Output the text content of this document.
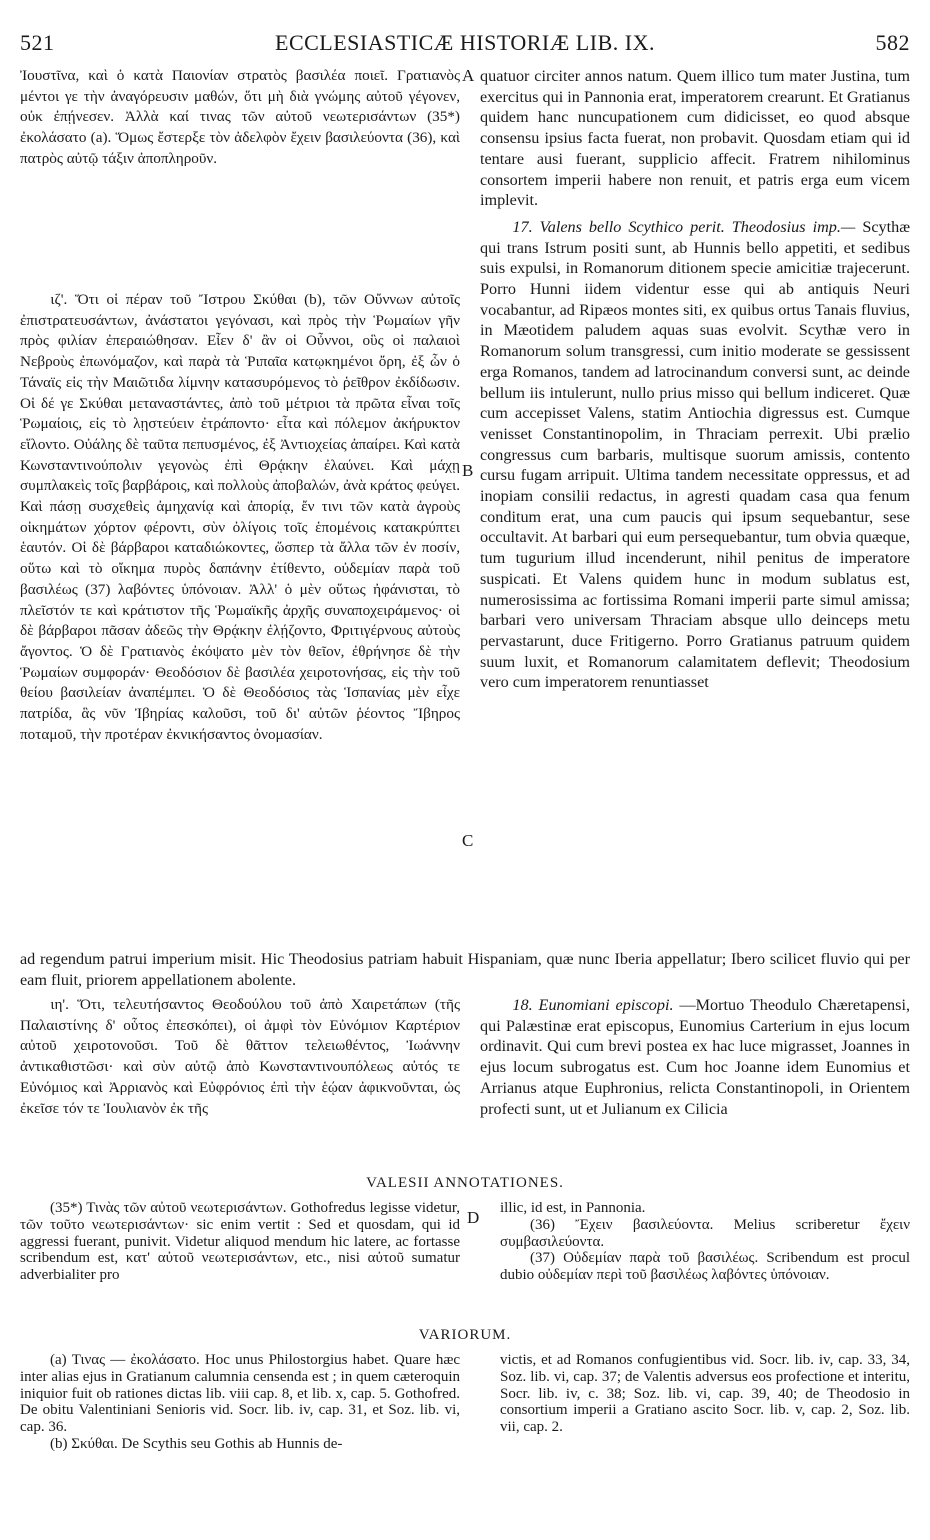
521	ECCLESIASTICÆ HISTORIÆ LIB. IX.	582
A
B
C
D

Ἰουστῖνα, καὶ ὁ κατὰ Παιονίαν στρατὸς βασιλέα ποιεῖ. Γρατιανὸς μέντοι γε τὴν ἀναγόρευσιν μαθών, ὅτι μὴ διὰ γνώμης αὐτοῦ γέγονεν, οὐκ ἐπῄνεσεν. Ἀλλὰ καί τινας τῶν αὐτοῦ νεωτερισάντων (35*) ἐκολάσατο (a). Ὅμως ἔστερξε τὸν ἀδελφὸν ἔχειν βασιλεύοντα (36), καὶ πατρὸς αὐτῷ τάξιν ἀποπληροῦν.

ιζ'. Ὅτι οἱ πέραν τοῦ Ἴστρου Σκύθαι (b), τῶν Οὔννων αὐτοῖς ἐπιστρατευσάντων, ἀνάστατοι γεγόνασι, καὶ πρὸς τὴν Ῥωμαίων γῆν πρὸς φιλίαν ἐπεραιώθησαν. Εἶεν δ' ἂν οἱ Οὖννοι, οὓς οἱ παλαιοὶ Νεβροὺς ἐπωνόμαζον, καὶ παρὰ τὰ Ῥιπαῖα κατῳκημένοι ὄρη, ἐξ ὧν ὁ Τάναϊς εἰς τὴν Μαιῶτιδα λίμνην κατασυρόμενος τὸ ῥεῖθρον ἐκδίδωσιν. Οἱ δέ γε Σκύθαι μεταναστάντες, ἀπὸ τοῦ μέτριοι τὰ πρῶτα εἶναι τοῖς Ῥωμαίοις, εἰς τὸ λῃστεύειν ἐτράποντο· εἶτα καὶ πόλεμον ἀκήρυκτον εἵλοντο. Οὐάλης δὲ ταῦτα πεπυσμένος, ἐξ Ἀντιοχείας ἀπαίρει. Καὶ κατὰ Κωνσταντινούπολιν γεγονὼς ἐπὶ Θρᾴκην ἐλαύνει. Καὶ μάχῃ συμπλακεὶς τοῖς βαρβάροις, καὶ πολλοὺς ἀποβαλών, ἀνὰ κράτος φεύγει. Καὶ πάσῃ συσχεθεὶς ἀμηχανίᾳ καὶ ἀπορίᾳ, ἔν τινι τῶν κατὰ ἀγροὺς οἰκημάτων χόρτον φέροντι, σὺν ὀλίγοις τοῖς ἑπομένοις κατακρύπτει ἑαυτόν. Οἱ δὲ βάρβαροι καταδιώκοντες, ὥσπερ τὰ ἄλλα τῶν ἐν ποσίν, οὕτω καὶ τὸ οἴκημα πυρὸς δαπάνην ἐτίθεντο, οὐδεμίαν παρὰ τοῦ βασιλέως (37) λαβόντες ὑπόνοιαν. Ἀλλ' ὁ μὲν οὕτως ἠφάνισται, τὸ πλεῖστόν τε καὶ κράτιστον τῆς Ῥωμαϊκῆς ἀρχῆς συναποχειράμενος· οἱ δὲ βάρβαροι πᾶσαν ἀδεῶς τὴν Θρᾴκην ἐλῄζοντο, Φριτιγέρνους αὐτοὺς ἄγοντος. Ὁ δὲ Γρατιανὸς ἐκόψατο μὲν τὸν θεῖον, ἐθρήνησε δὲ τὴν Ῥωμαίων συμφοράν· Θεοδόσιον δὲ βασιλέα χειροτονήσας, εἰς τὴν τοῦ θείου βασιλείαν ἀναπέμπει. Ὁ δὲ Θεοδόσιος τὰς Ἱσπανίας μὲν εἶχε πατρίδα, ἃς νῦν Ἰβηρίας καλοῦσι, τοῦ δι' αὐτῶν ῥέοντος Ἴβηρος ποταμοῦ, τὴν προτέραν ἐκνικήσαντος ὀνομασίαν.

quatuor circiter annos natum. Quem illico tum mater Justina, tum exercitus qui in Pannonia erat, imperatorem crearunt. Et Gratianus quidem hanc nuncupationem cum didicisset, eo quod absque consensu ipsius facta fuerat, non probavit. Quosdam etiam qui id tentare ausi fuerant, supplicio affecit. Fratrem nihilominus consortem imperii habere non renuit, et patris erga eum vicem implevit.

17. Valens bello Scythico perit. Theodosius imp.— Scythæ qui trans Istrum positi sunt, ab Hunnis bello appetiti, et sedibus suis expulsi, in Romanorum ditionem specie amicitiæ trajecerunt. Porro Hunni iidem videntur esse qui ab antiquis Neuri vocabantur, ad Ripæos montes siti, ex quibus ortus Tanais fluvius, in Mæotidem paludem aquas suas evolvit. Scythæ vero in Romanorum solum transgressi, cum initio moderate se gessissent erga Romanos, tandem ad latrocinandum conversi sunt, ac deinde bellum iis intulerunt, nullo prius misso qui bellum indiceret. Quæ cum accepisset Valens, statim Antiochia digressus est. Cumque venisset Constantinopolim, in Thraciam perrexit. Ubi prælio congressus cum barbaris, multisque suorum amissis, contento cursu fugam arripuit. Ultima tandem necessitate oppressus, et ad inopiam consilii redactus, in agresti quadam casa qua fenum conditum erat, una cum paucis qui ipsum sequebantur, sese occultavit. At barbari qui eum persequebantur, tum obvia quæque, tum tugurium illud incenderunt, nihil penitus de imperatore suspicati. Et Valens quidem hunc in modum sublatus est, numerosissima ac fortissima Romani imperii parte simul amissa; barbari vero universam Thraciam absque ullo deinceps metu pervastarunt, duce Fritigerno. Porro Gratianus patruum quidem suum luxit, et Romanorum calamitatem deflevit; Theodosium vero cum imperatorem renuntiasset

ad regendum patrui imperium misit. Hic Theodosius patriam habuit Hispaniam, quæ nunc Iberia appellatur; Ibero scilicet fluvio qui per eam fluit, priorem appellationem abolente.

ιη'. Ὅτι, τελευτήσαντος Θεοδούλου τοῦ ἀπὸ Χαιρετάπων (τῆς Παλαιστίνης δ' οὗτος ἐπεσκόπει), οἱ ἀμφὶ τὸν Εὐνόμιον Καρτέριον αὐτοῦ χειροτονοῦσι. Τοῦ δὲ θᾶττον τελειωθέντος, Ἰωάννην ἀντικαθιστῶσι· καὶ σὺν αὐτῷ ἀπὸ Κωνσταντινουπόλεως αὐτός τε Εὐνόμιος καὶ Ἀρριανὸς καὶ Εὐφρόνιος ἐπὶ τὴν ἑῴαν ἀφικνοῦνται, ὡς ἐκεῖσε τόν τε Ἰουλιανὸν ἐκ τῆς

18. Eunomiani episcopi. —Mortuo Theodulo Chæretapensi, qui Palæstinæ erat episcopus, Eunomius Carterium in ejus locum ordinavit. Qui cum brevi postea ex hac luce migrasset, Joannes in ejus locum subrogatus est. Cum hoc Joanne idem Eunomius et Arrianus atque Euphronius, relicta Constantinopoli, in Orientem profecti sunt, ut et Julianum ex Cilicia

VALESII ANNOTATIONES.

(35*) Τινὰς τῶν αὐτοῦ νεωτερισάντων. Gothofredus legisse videtur, τῶν τοῦτο νεωτερισάντων· sic enim vertit : Sed et quosdam, qui id aggressi fuerant, punivit. Videtur aliquod mendum hic latere, ac fortasse scribendum est, κατ' αὐτοῦ νεωτερισάντων, etc., nisi αὐτοῦ sumatur adverbialiter pro

illic, id est, in Pannonia.

(36) Ἔχειν βασιλεύοντα. Melius scriberetur ἔχειν συμβασιλεύοντα.

(37) Οὐδεμίαν παρὰ τοῦ βασιλέως. Scribendum est procul dubio οὐδεμίαν περὶ τοῦ βασιλέως λαβόντες ὑπόνοιαν.

VARIORUM.

(a) Τινας — ἐκολάσατο. Hoc unus Philostorgius habet. Quare hæc inter alias ejus in Gratianum calumnia censenda est ; in quem cæteroquin iniquior fuit ob rationes dictas lib. viii cap. 8, et lib. x, cap. 5. Gothofred. De obitu Valentiniani Senioris vid. Socr. lib. iv, cap. 31, et Soz. lib. vi, cap. 36.

(b) Σκύθαι. De Scythis seu Gothis ab Hunnis de-

victis, et ad Romanos confugientibus vid. Socr. lib. iv, cap. 33, 34, Soz. lib. vi, cap. 37; de Valentis adversus eos profectione et interitu, Socr. lib. iv, c. 38; Soz. lib. vi, cap. 39, 40; de Theodosio in consortium imperii a Gratiano ascito Socr. lib. v, cap. 2, Soz. lib. vii, cap. 2.
